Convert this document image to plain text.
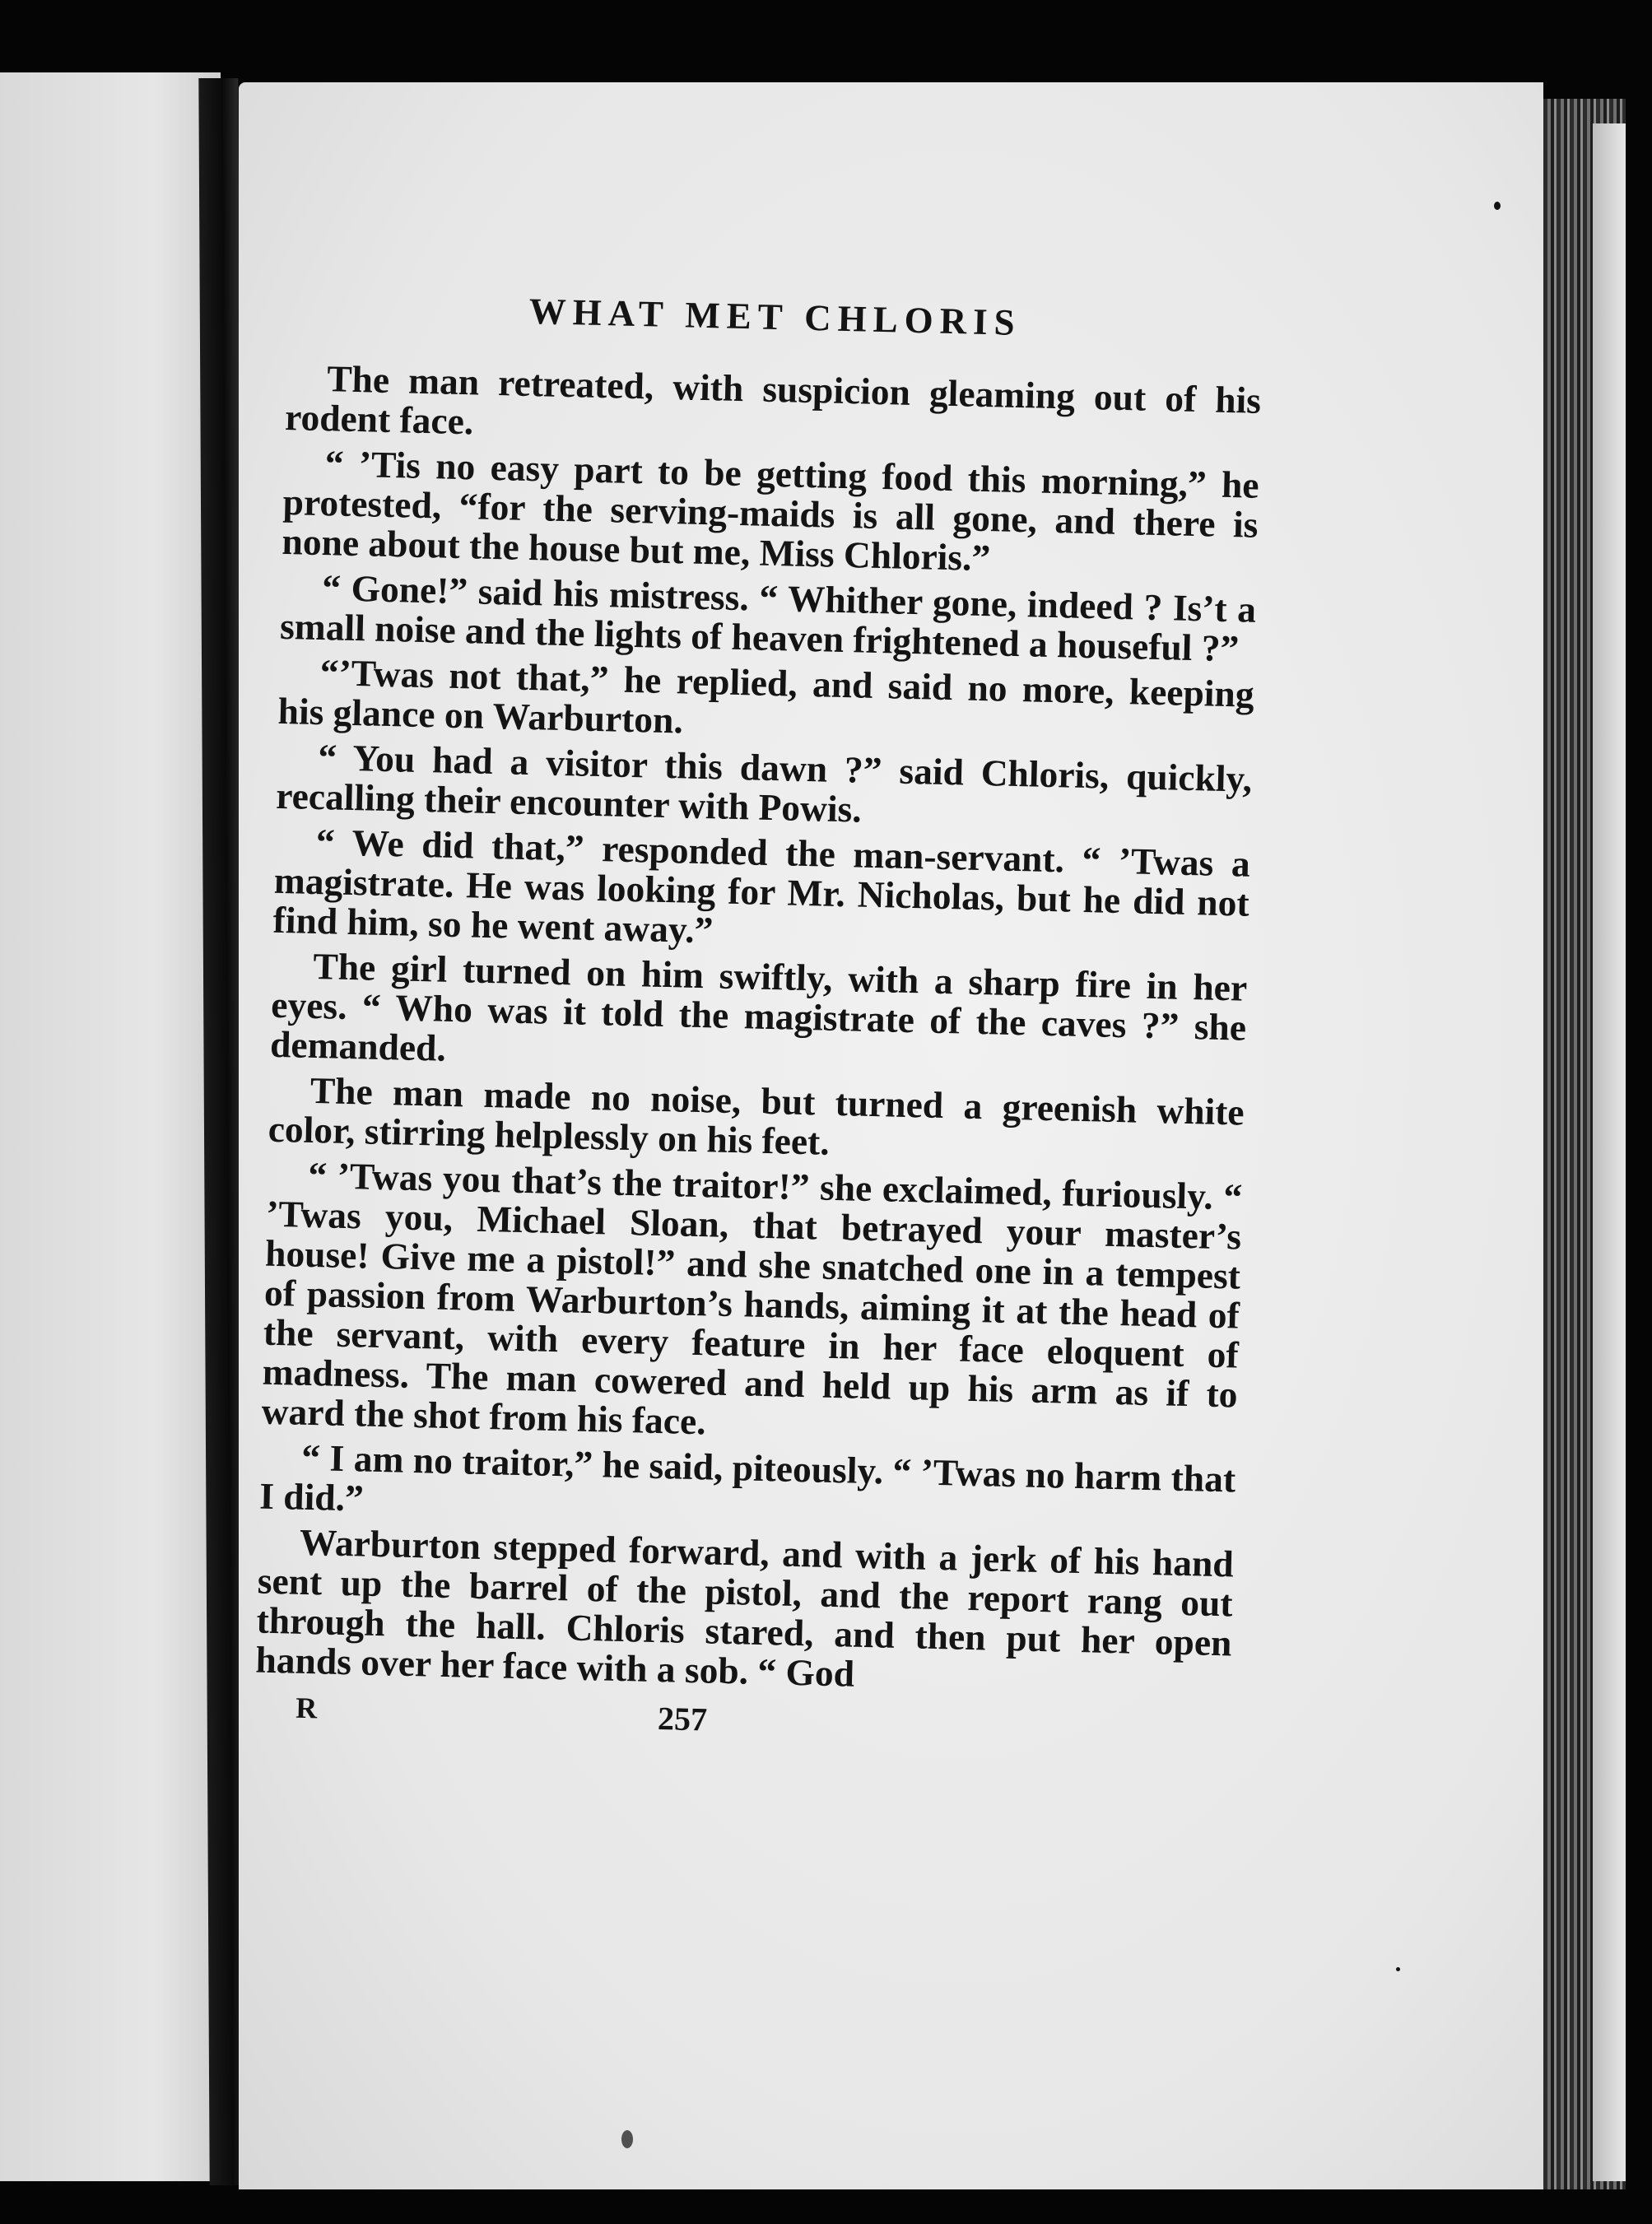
WHAT MET CHLORIS

The man retreated, with suspicion gleaming out of his rodent face.

“ ’Tis no easy part to be getting food this morning,” he protested, “for the serving-maids is all gone, and there is none about the house but me, Miss Chloris.”

“ Gone!” said his mistress. “ Whither gone, indeed ? Is’t a small noise and the lights of heaven frightened a houseful ?”

“’Twas not that,” he replied, and said no more, keeping his glance on Warburton.

“ You had a visitor this dawn ?” said Chloris, quickly, recalling their encounter with Powis.

“ We did that,” responded the man-servant. “ ’Twas a magistrate. He was looking for Mr. Nicholas, but he did not find him, so he went away.”

The girl turned on him swiftly, with a sharp fire in her eyes. “ Who was it told the magistrate of the caves ?” she demanded.

The man made no noise, but turned a greenish white color, stirring helplessly on his feet.

“ ’Twas you that’s the traitor!” she exclaimed, furiously. “ ’Twas you, Michael Sloan, that betrayed your master’s house! Give me a pistol!” and she snatched one in a tempest of passion from Warburton’s hands, aiming it at the head of the servant, with every feature in her face eloquent of madness. The man cowered and held up his arm as if to ward the shot from his face.

“ I am no traitor,” he said, piteously. “ ’Twas no harm that I did.”

Warburton stepped forward, and with a jerk of his hand sent up the barrel of the pistol, and the report rang out through the hall. Chloris stared, and then put her open hands over her face with a sob. “ God

R	257
